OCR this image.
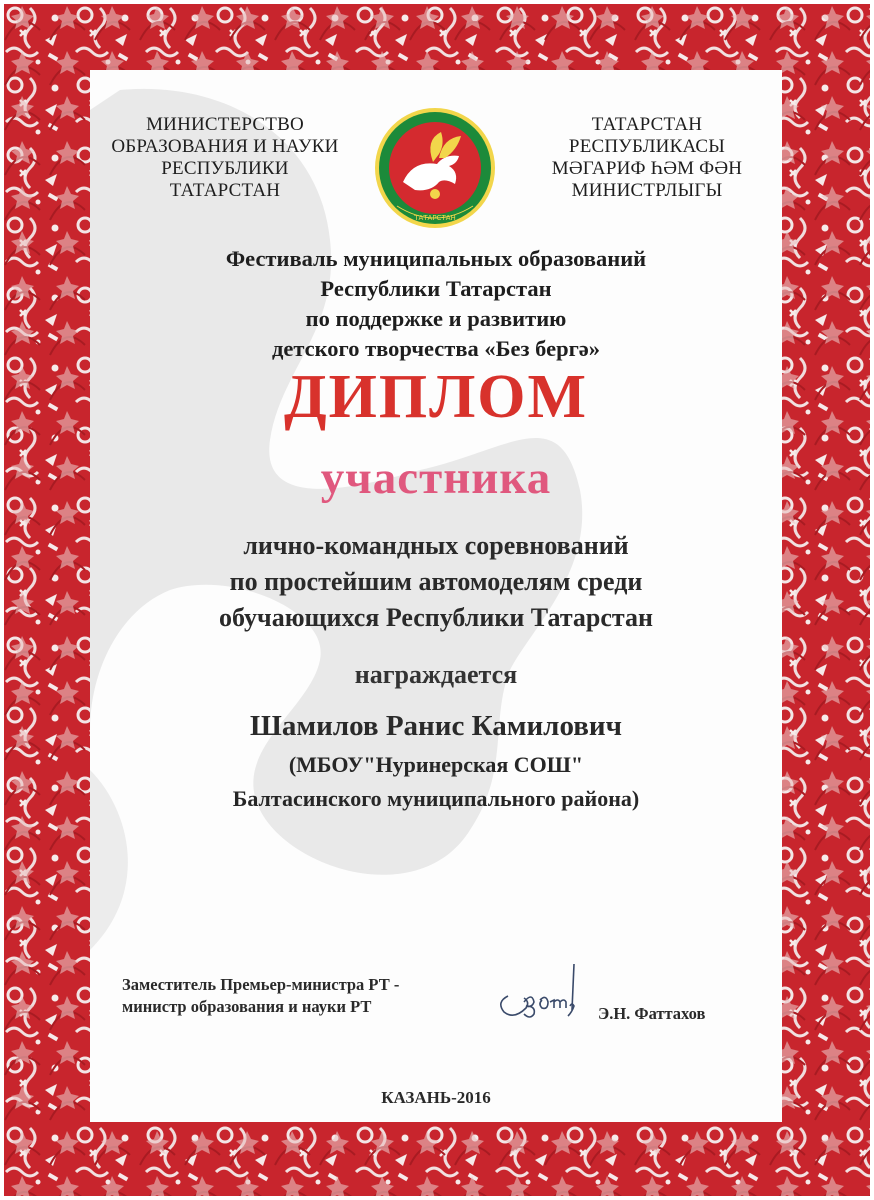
МИНИСТЕРСТВО
ОБРАЗОВАНИЯ И НАУКИ
РЕСПУБЛИКИ
ТАТАРСТАН
ТАТАРСТАН
ТАТАРСТАН
РЕСПУБЛИКАСЫ
МӘГАРИФ ҺӘМ ФӘН
МИНИСТРЛЫГЫ
Фестиваль муниципальных образований
Республики Татарстан
по поддержке и развитию
детского творчества «Без бергә»
ДИПЛОМ
участника
лично-командных соревнований
по простейшим автомоделям среди
обучающихся Республики Татарстан
награждается
Шамилов Ранис Камилович
(МБОУ"Нуринерская СОШ"
Балтасинского муниципального района)
Заместитель Премьер-министра РТ -
министр образования и науки РТ	Э.Н. Фаттахов
КАЗАНЬ-2016
